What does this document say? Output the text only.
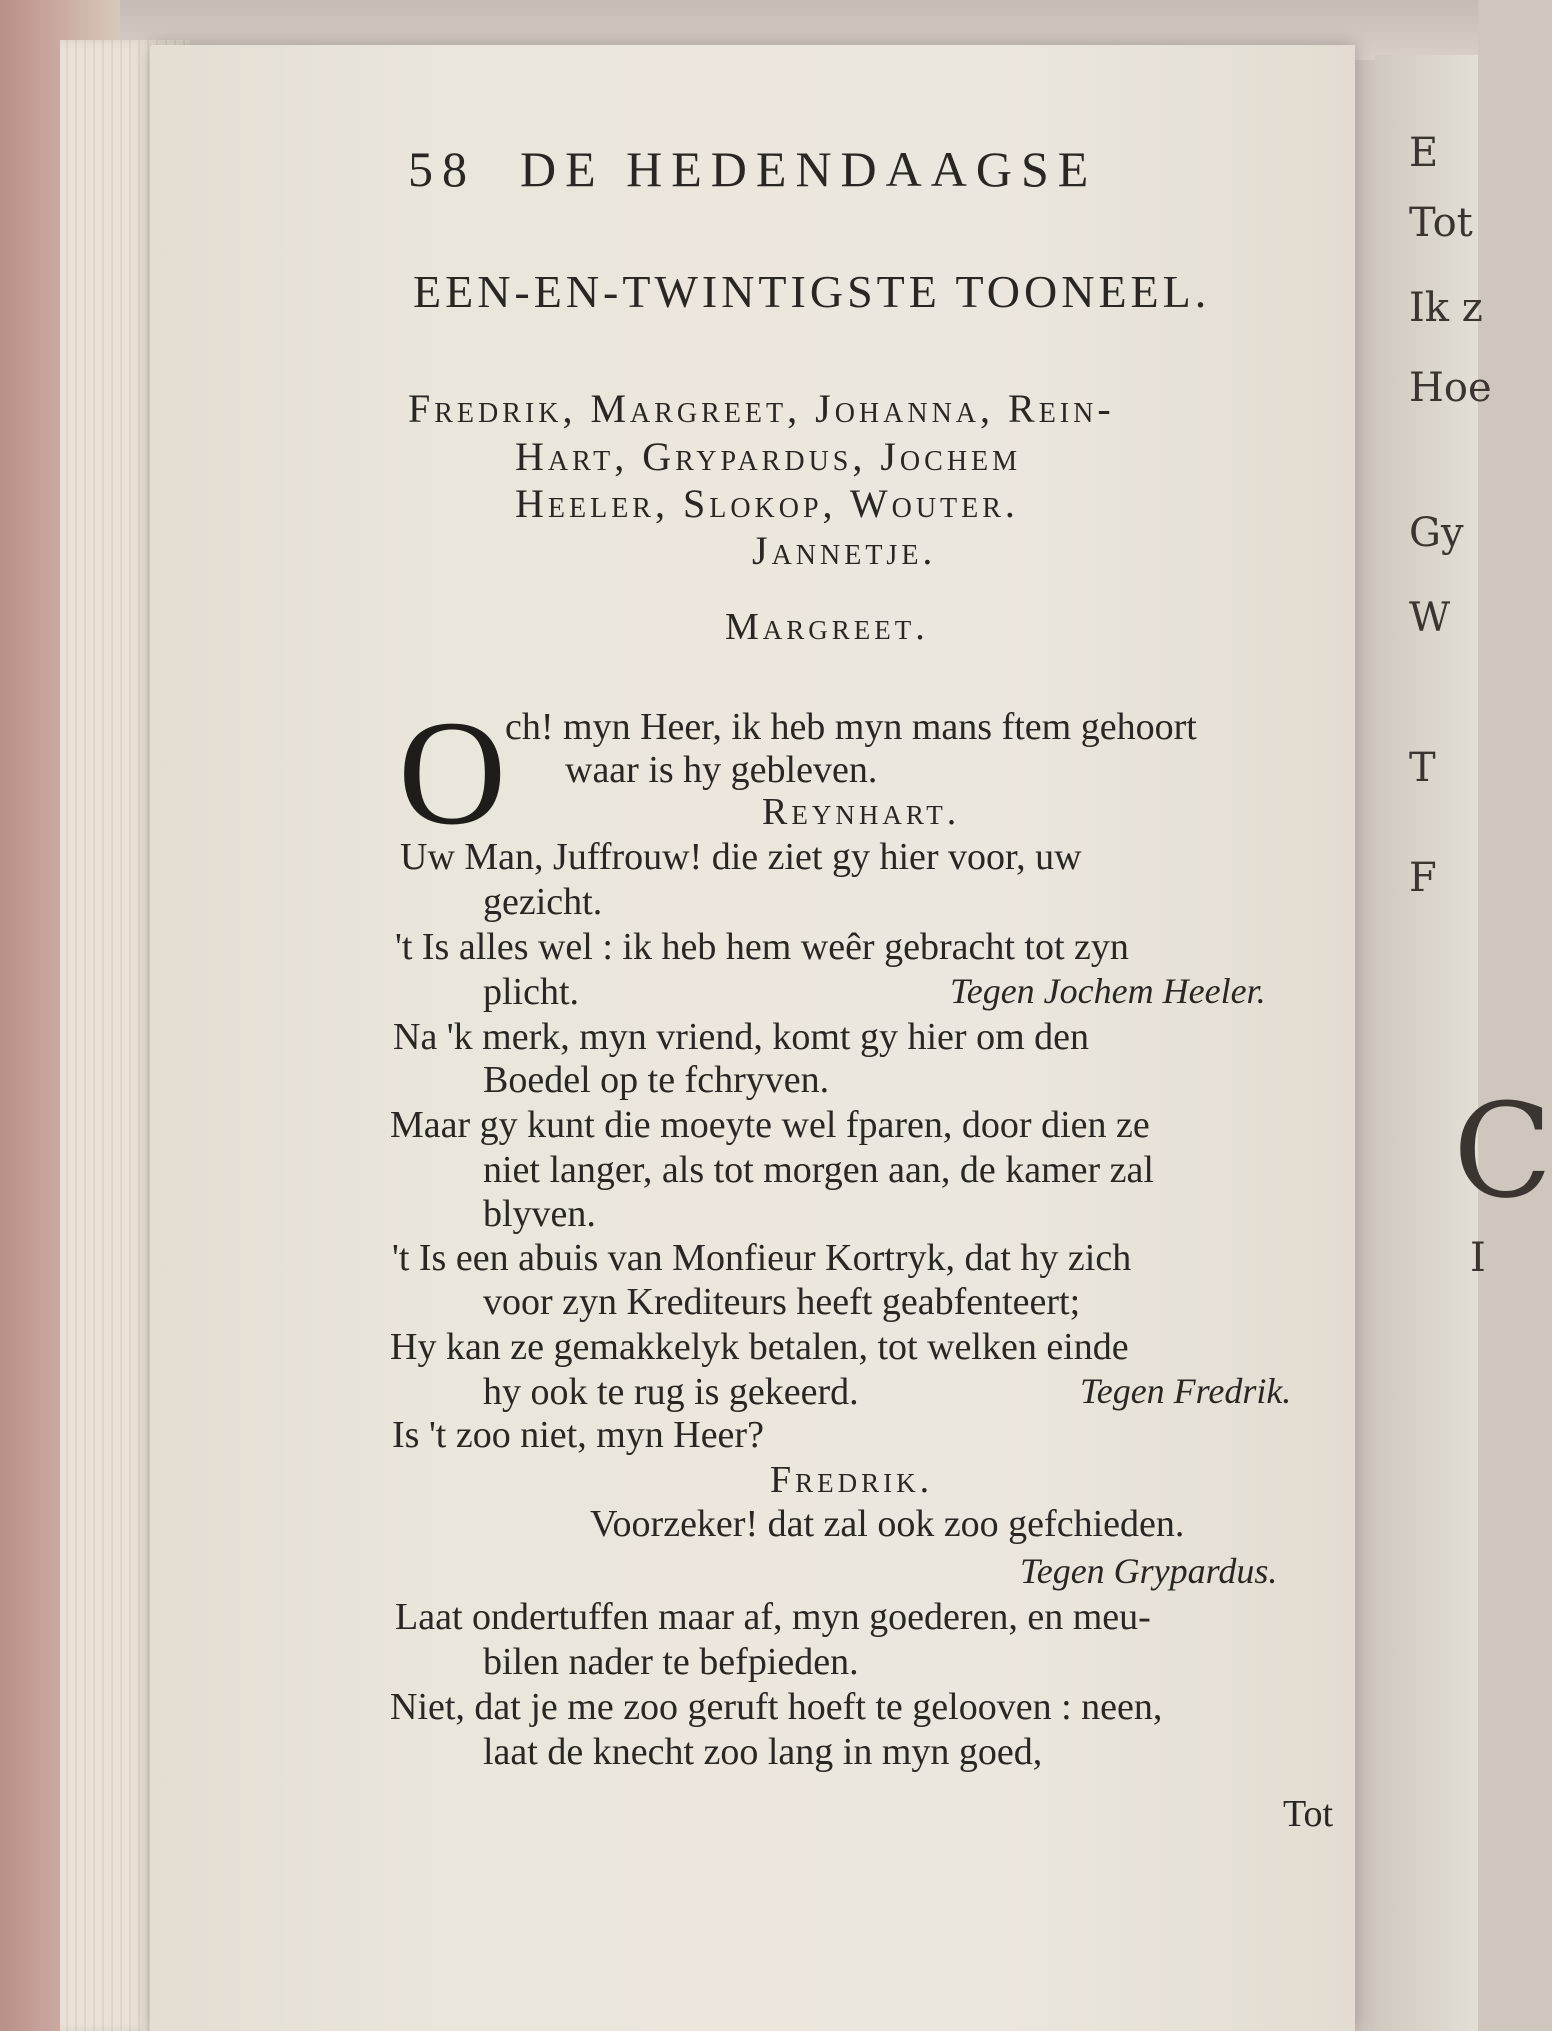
E
Tot
Ik z
Hoe
Gy
W
T
F
C
I
58 DE HEDENDAAGSE
EEN-EN-TWINTIGSTE TOONEEL.
Fredrik, Margreet, Johanna, Rein-
Hart, Grypardus, Jochem
Heeler, Slokop, Wouter.
Jannetje.
Margreet.
O
ch! myn Heer, ik heb myn mans ftem gehoort
waar is hy gebleven.
Reynhart.
Uw Man, Juffrouw! die ziet gy hier voor, uw
gezicht.
't Is alles wel : ik heb hem weêr gebracht tot zyn
plicht.	Tegen Jochem Heeler.
Na 'k merk, myn vriend, komt gy hier om den
Boedel op te fchryven.
Maar gy kunt die moeyte wel fparen, door dien ze
niet langer, als tot morgen aan, de kamer zal
blyven.
't Is een abuis van Monfieur Kortryk, dat hy zich
voor zyn Krediteurs heeft geabfenteert;
Hy kan ze gemakkelyk betalen, tot welken einde
hy ook te rug is gekeerd.	Tegen Fredrik.
Is 't zoo niet, myn Heer?
Fredrik.
Voorzeker! dat zal ook zoo gefchieden.
Tegen Grypardus.
Laat ondertuffen maar af, myn goederen, en meu-
bilen nader te befpieden.
Niet, dat je me zoo geruft hoeft te gelooven : neen,
laat de knecht zoo lang in myn goed,
Tot
